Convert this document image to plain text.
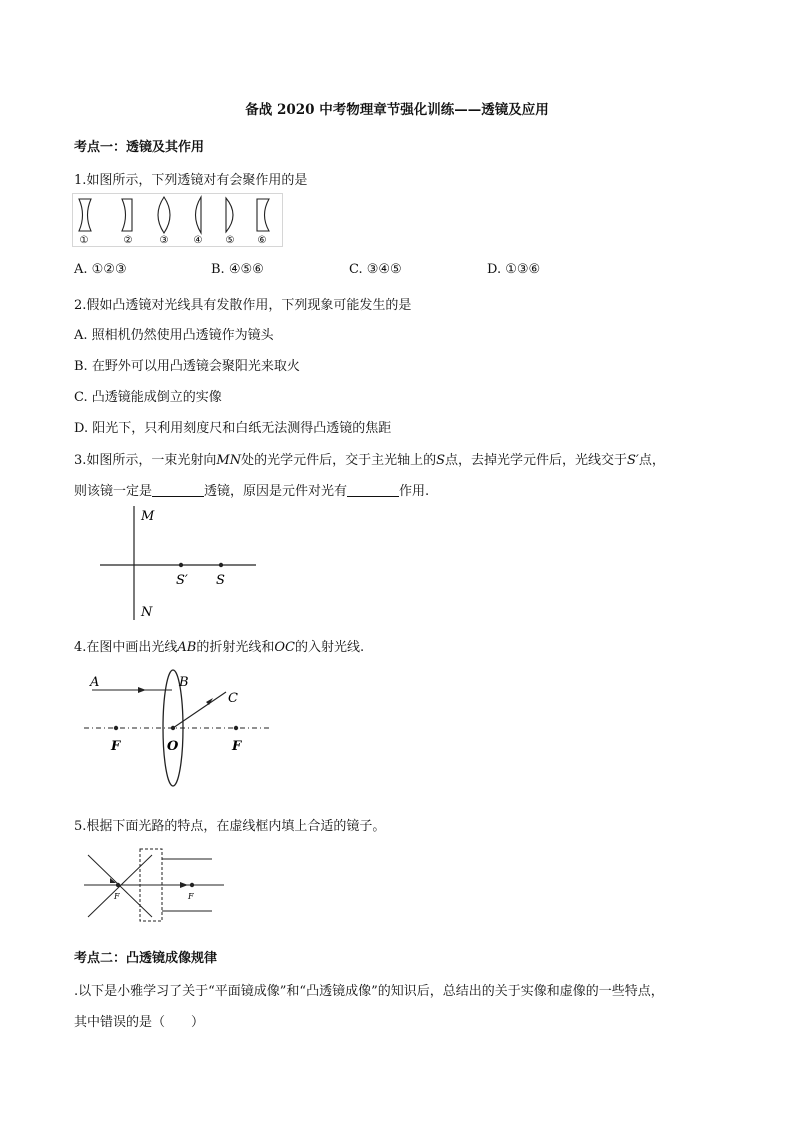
备战 2020 中考物理章节强化训练——透镜及应用
考点一：透镜及其作用
1.如图所示，下列透镜对有会聚作用的是
①	②	③	④ ⑤ ⑥
A. ①②③	B. ④⑤⑥	C. ③④⑤	D. ①③⑥
2.假如凸透镜对光线具有发散作用，下列现象可能发生的是
A. 照相机仍然使用凸透镜作为镜头
B. 在野外可以用凸透镜会聚阳光来取火
C. 凸透镜能成倒立的实像
D. 阳光下，只利用刻度尺和白纸无法测得凸透镜的焦距
3.如图所示，一束光射向MN处的光学元件后，交于主光轴上的S点，去掉光学元件后，光线交于S′点，
则该镜一定是	透镜，原因是元件对光有	作用.
M
N
S′ S
4.在图中画出光线AB的折射光线和OC的入射光线.
A	B
C
F	O	F
5.根据下面光路的特点，在虚线框内填上合适的镜子。
F	F
考点二：凸透镜成像规律
.以下是小雅学习了关于“平面镜成像”和“凸透镜成像”的知识后，总结出的关于实像和虚像的一些特点，
其中错误的是（　　）
